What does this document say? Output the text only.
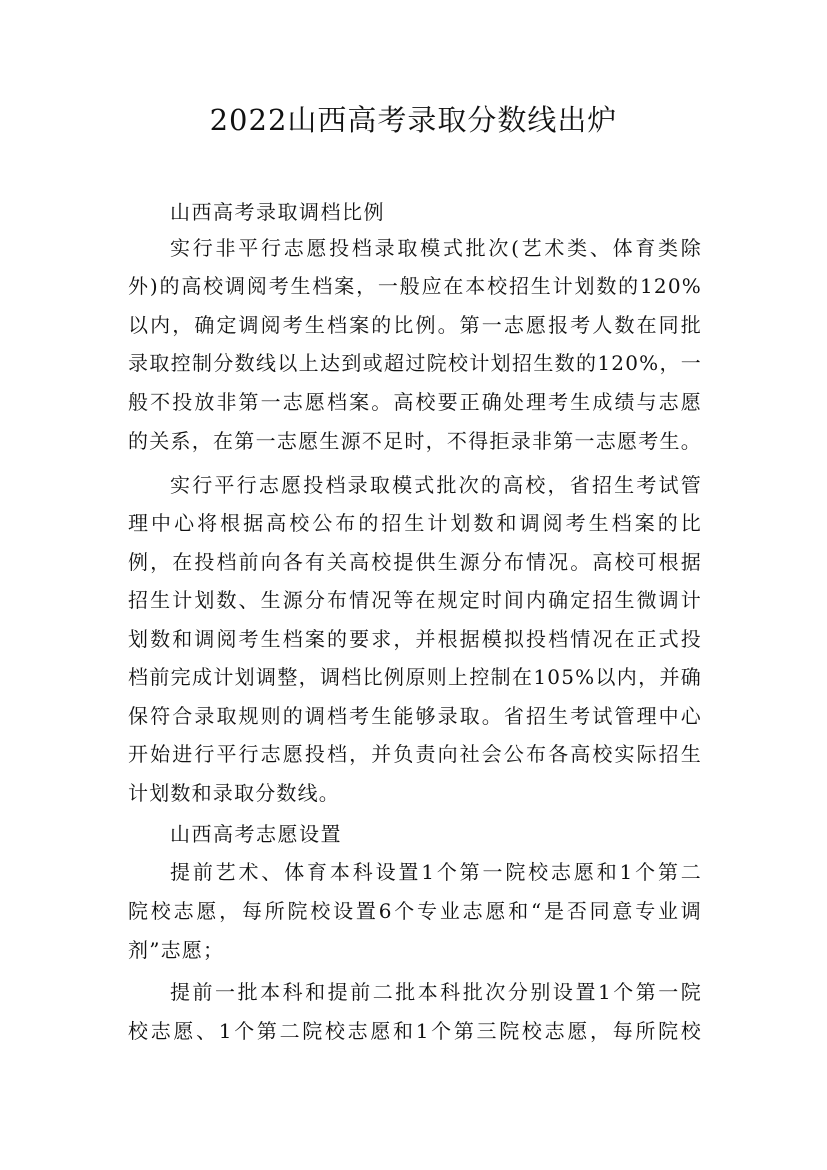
2022山西高考录取分数线出炉
山西高考录取调档比例
实行非平行志愿投档录取模式批次(艺术类、体育类除
外)的高校调阅考生档案，一般应在本校招生计划数的120%
以内，确定调阅考生档案的比例。第一志愿报考人数在同批
录取控制分数线以上达到或超过院校计划招生数的120%，一
般不投放非第一志愿档案。高校要正确处理考生成绩与志愿
的关系，在第一志愿生源不足时，不得拒录非第一志愿考生。
实行平行志愿投档录取模式批次的高校，省招生考试管
理中心将根据高校公布的招生计划数和调阅考生档案的比
例，在投档前向各有关高校提供生源分布情况。高校可根据
招生计划数、生源分布情况等在规定时间内确定招生微调计
划数和调阅考生档案的要求，并根据模拟投档情况在正式投
档前完成计划调整，调档比例原则上控制在105%以内，并确
保符合录取规则的调档考生能够录取。省招生考试管理中心
开始进行平行志愿投档，并负责向社会公布各高校实际招生
计划数和录取分数线。
山西高考志愿设置
提前艺术、体育本科设置1个第一院校志愿和1个第二
院校志愿，每所院校设置6个专业志愿和“是否同意专业调
剂”志愿；
提前一批本科和提前二批本科批次分别设置1个第一院
校志愿、1个第二院校志愿和1个第三院校志愿，每所院校
